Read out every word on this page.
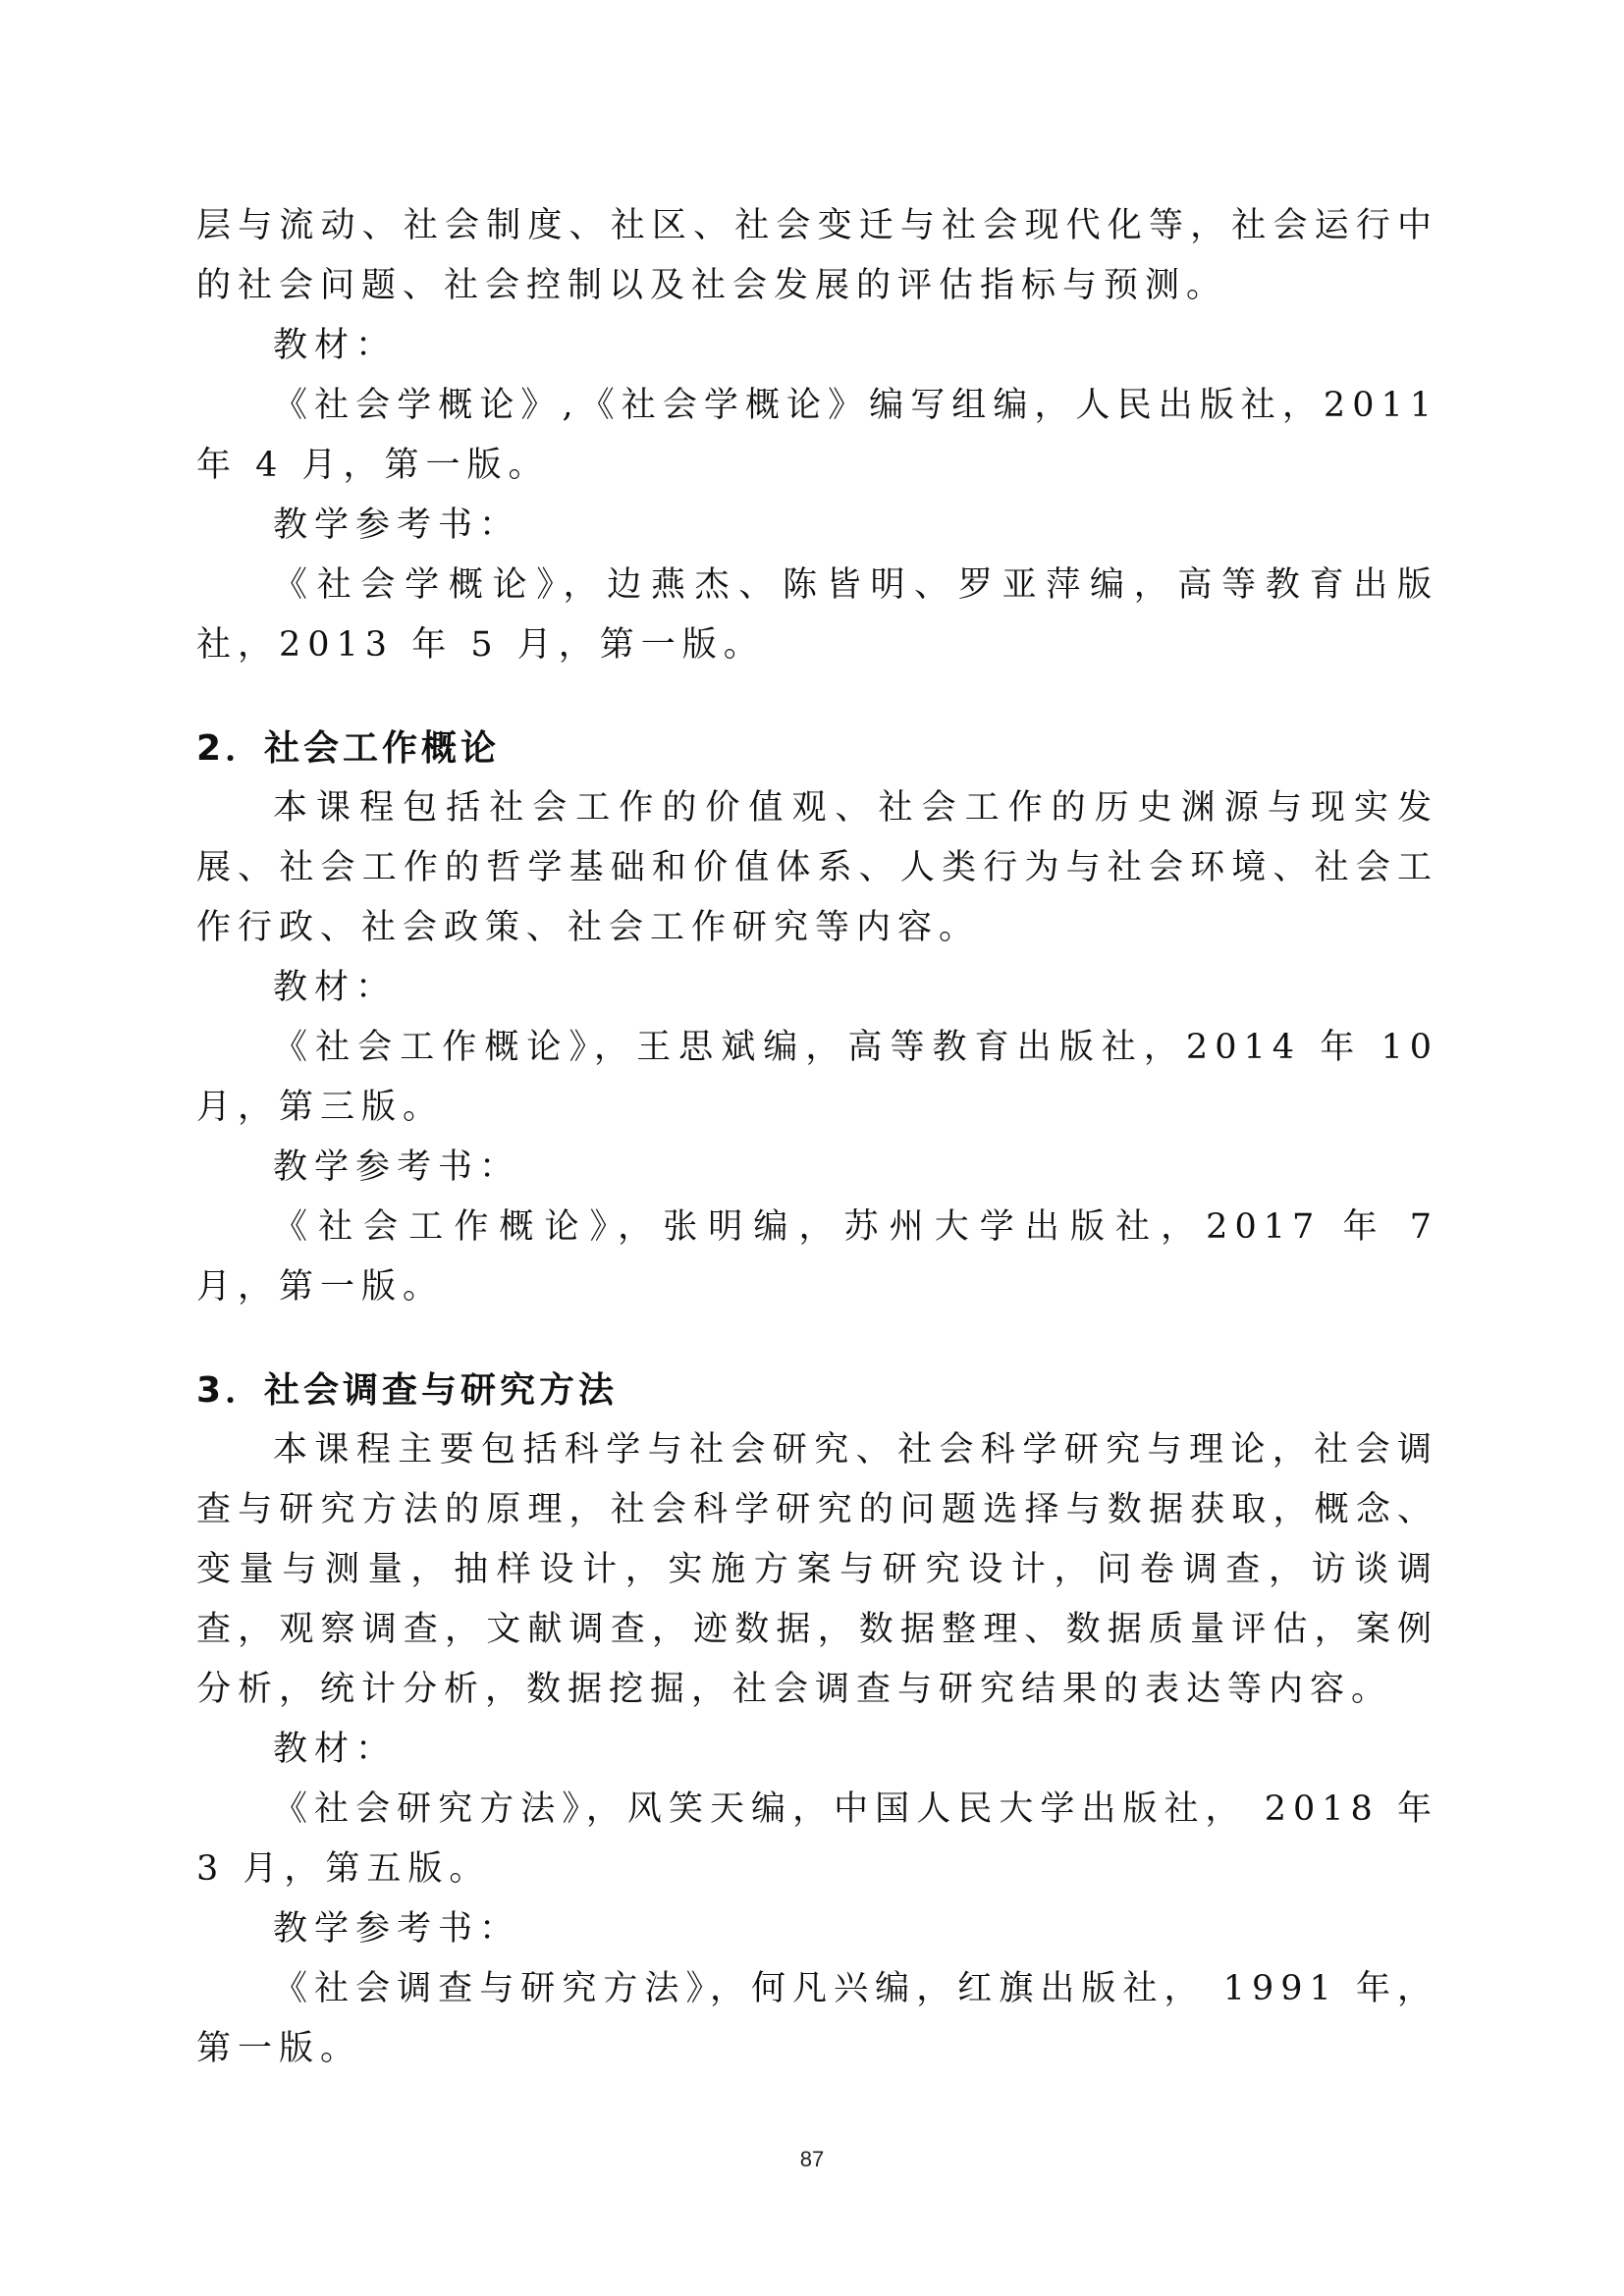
层与流动、社会制度、社区、社会变迁与社会现代化等，社会运行中的社会问题、社会控制以及社会发展的评估指标与预测。

教材：

《社会学概论》,《社会学概论》编写组编，人民出版社，2011 年 4 月，第一版。

教学参考书：

《社会学概论》，边燕杰、陈皆明、罗亚萍编，高等教育出版社，2013 年 5 月，第一版。

2．社会工作概论

本课程包括社会工作的价值观、社会工作的历史渊源与现实发展、社会工作的哲学基础和价值体系、人类行为与社会环境、社会工作行政、社会政策、社会工作研究等内容。

教材：

《社会工作概论》，王思斌编，高等教育出版社，2014 年 10 月，第三版。

教学参考书：

《社会工作概论》，张明编，苏州大学出版社，2017 年 7 月，第一版。

3．社会调查与研究方法

本课程主要包括科学与社会研究、社会科学研究与理论，社会调查与研究方法的原理，社会科学研究的问题选择与数据获取，概念、变量与测量，抽样设计，实施方案与研究设计，问卷调查，访谈调查，观察调查，文献调查，迹数据，数据整理、数据质量评估，案例分析，统计分析，数据挖掘，社会调查与研究结果的表达等内容。

教材：

《社会研究方法》，风笑天编，中国人民大学出版社， 2018 年 3 月，第五版。

教学参考书：

《社会调查与研究方法》，何凡兴编，红旗出版社， 1991 年，第一版。

87
